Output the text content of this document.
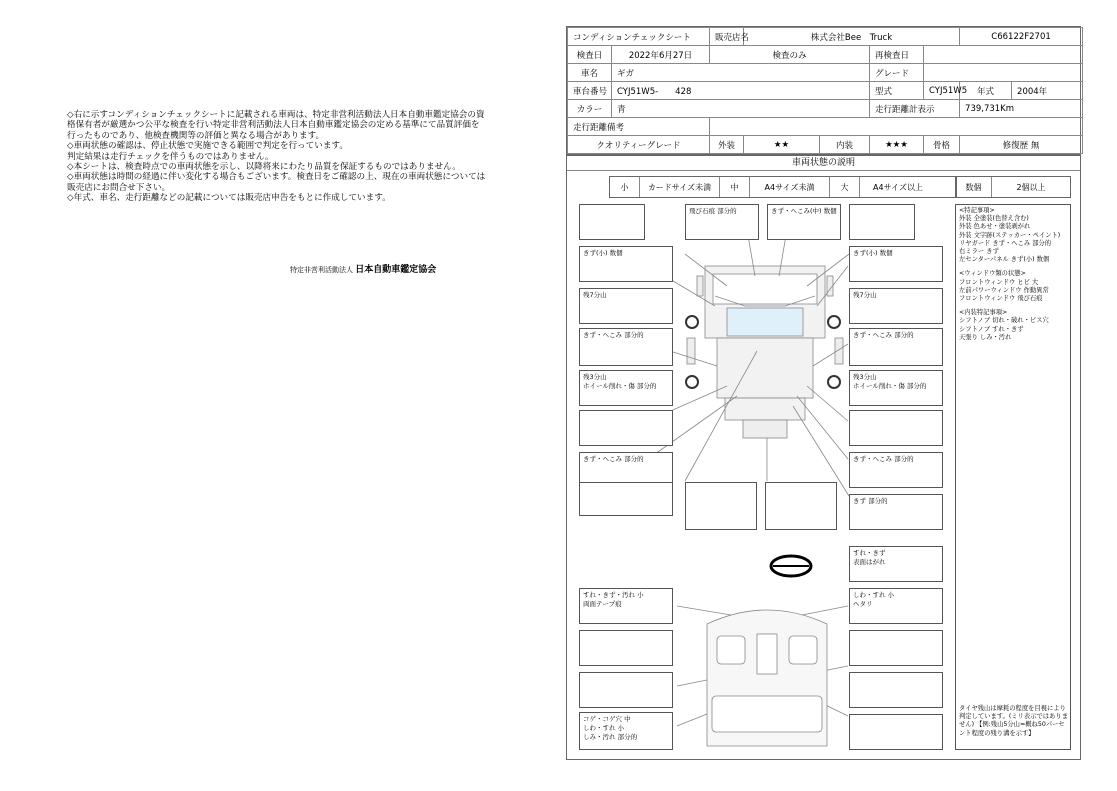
◇右に示すコンディションチェックシートに記載される車両は、特定非営利活動法人日本自動車鑑定協会の資格保有者が厳選かつ公平な検査を行い特定非営利活動法人日本自動車鑑定協会の定める基準にて品質評価を行ったものであり、他検査機関等の評価と異なる場合があります。

◇車両状態の確認は、停止状態で実施できる範囲で判定を行っています。

判定結果は走行チェックを伴うものではありません。

◇本シートは、検査時点での車両状態を示し、以降将来にわたり品質を保証するものではありません。

◇車両状態は時間の経過に伴い変化する場合もございます。検査日をご確認の上、現在の車両状態については販売店にお問合せ下さい。

◇年式、車名、走行距離などの記載については販売店申告をもとに作成しています。

特定非営利活動法人 日本自動車鑑定協会
コンディションチェックシート		販売店名	株式会社Bee　Truck				C66122F2701	
検査日	2022年6月27日	検査のみ			再検査日			
車名	ギガ				グレード			
車台番号	CYJ51W5-　　428				型式	CYJ51W5	年式	2004年
カラー	青				走行距離計表示		739,731Km	
走行距離備考								
クオリティーグレード		外装	★★	内装	★★★	骨格	修復歴 無	
車両状態の説明
小	カードサイズ未満	中	A4サイズ未満	大	A4サイズ以上	数個	2個以上
飛び石痕 部分的	きず・へこみ(中) 数個
きず(小) 数個	きず(小) 数個
残7分山	残7分山
きず・へこみ 部分的	きず・へこみ 部分的
残3分山
ホイール削れ・傷 部分的
残3分山
ホイール削れ・傷 部分的
きず・へこみ 部分的	きず・へこみ 部分的
きず 部分的
すれ・きず
表面はがれ
すれ・きず・汚れ 小
両面テープ痕
しわ・すれ 小
ヘタリ
コゲ・コゲ穴 中
しわ・すれ 小
しみ・汚れ 部分的
<特記事項>
外装 全塗装(色替え含む)
外装 色あせ・塗装剥がれ
外装 文字跡(ステッカー・ペイント)
リヤガード きず・へこみ 部分的
右ミラー きず
左センターパネル きず(小) 数個
<ウィンドウ類の状態>
フロントウィンドウ ヒビ 大
左前パワーウィンドウ 作動異常
フロントウィンドウ 飛び石痕
<内装特記事項>
シフトノブ 切れ・破れ・ビス穴
シフトノブ すれ・きず
天張り しみ・汚れ
タイヤ残山は摩耗の程度を目視により判定しています。(ミリ表示ではありません) 【例:残山5分山=概ね50パーセント程度の残り溝を示す】
